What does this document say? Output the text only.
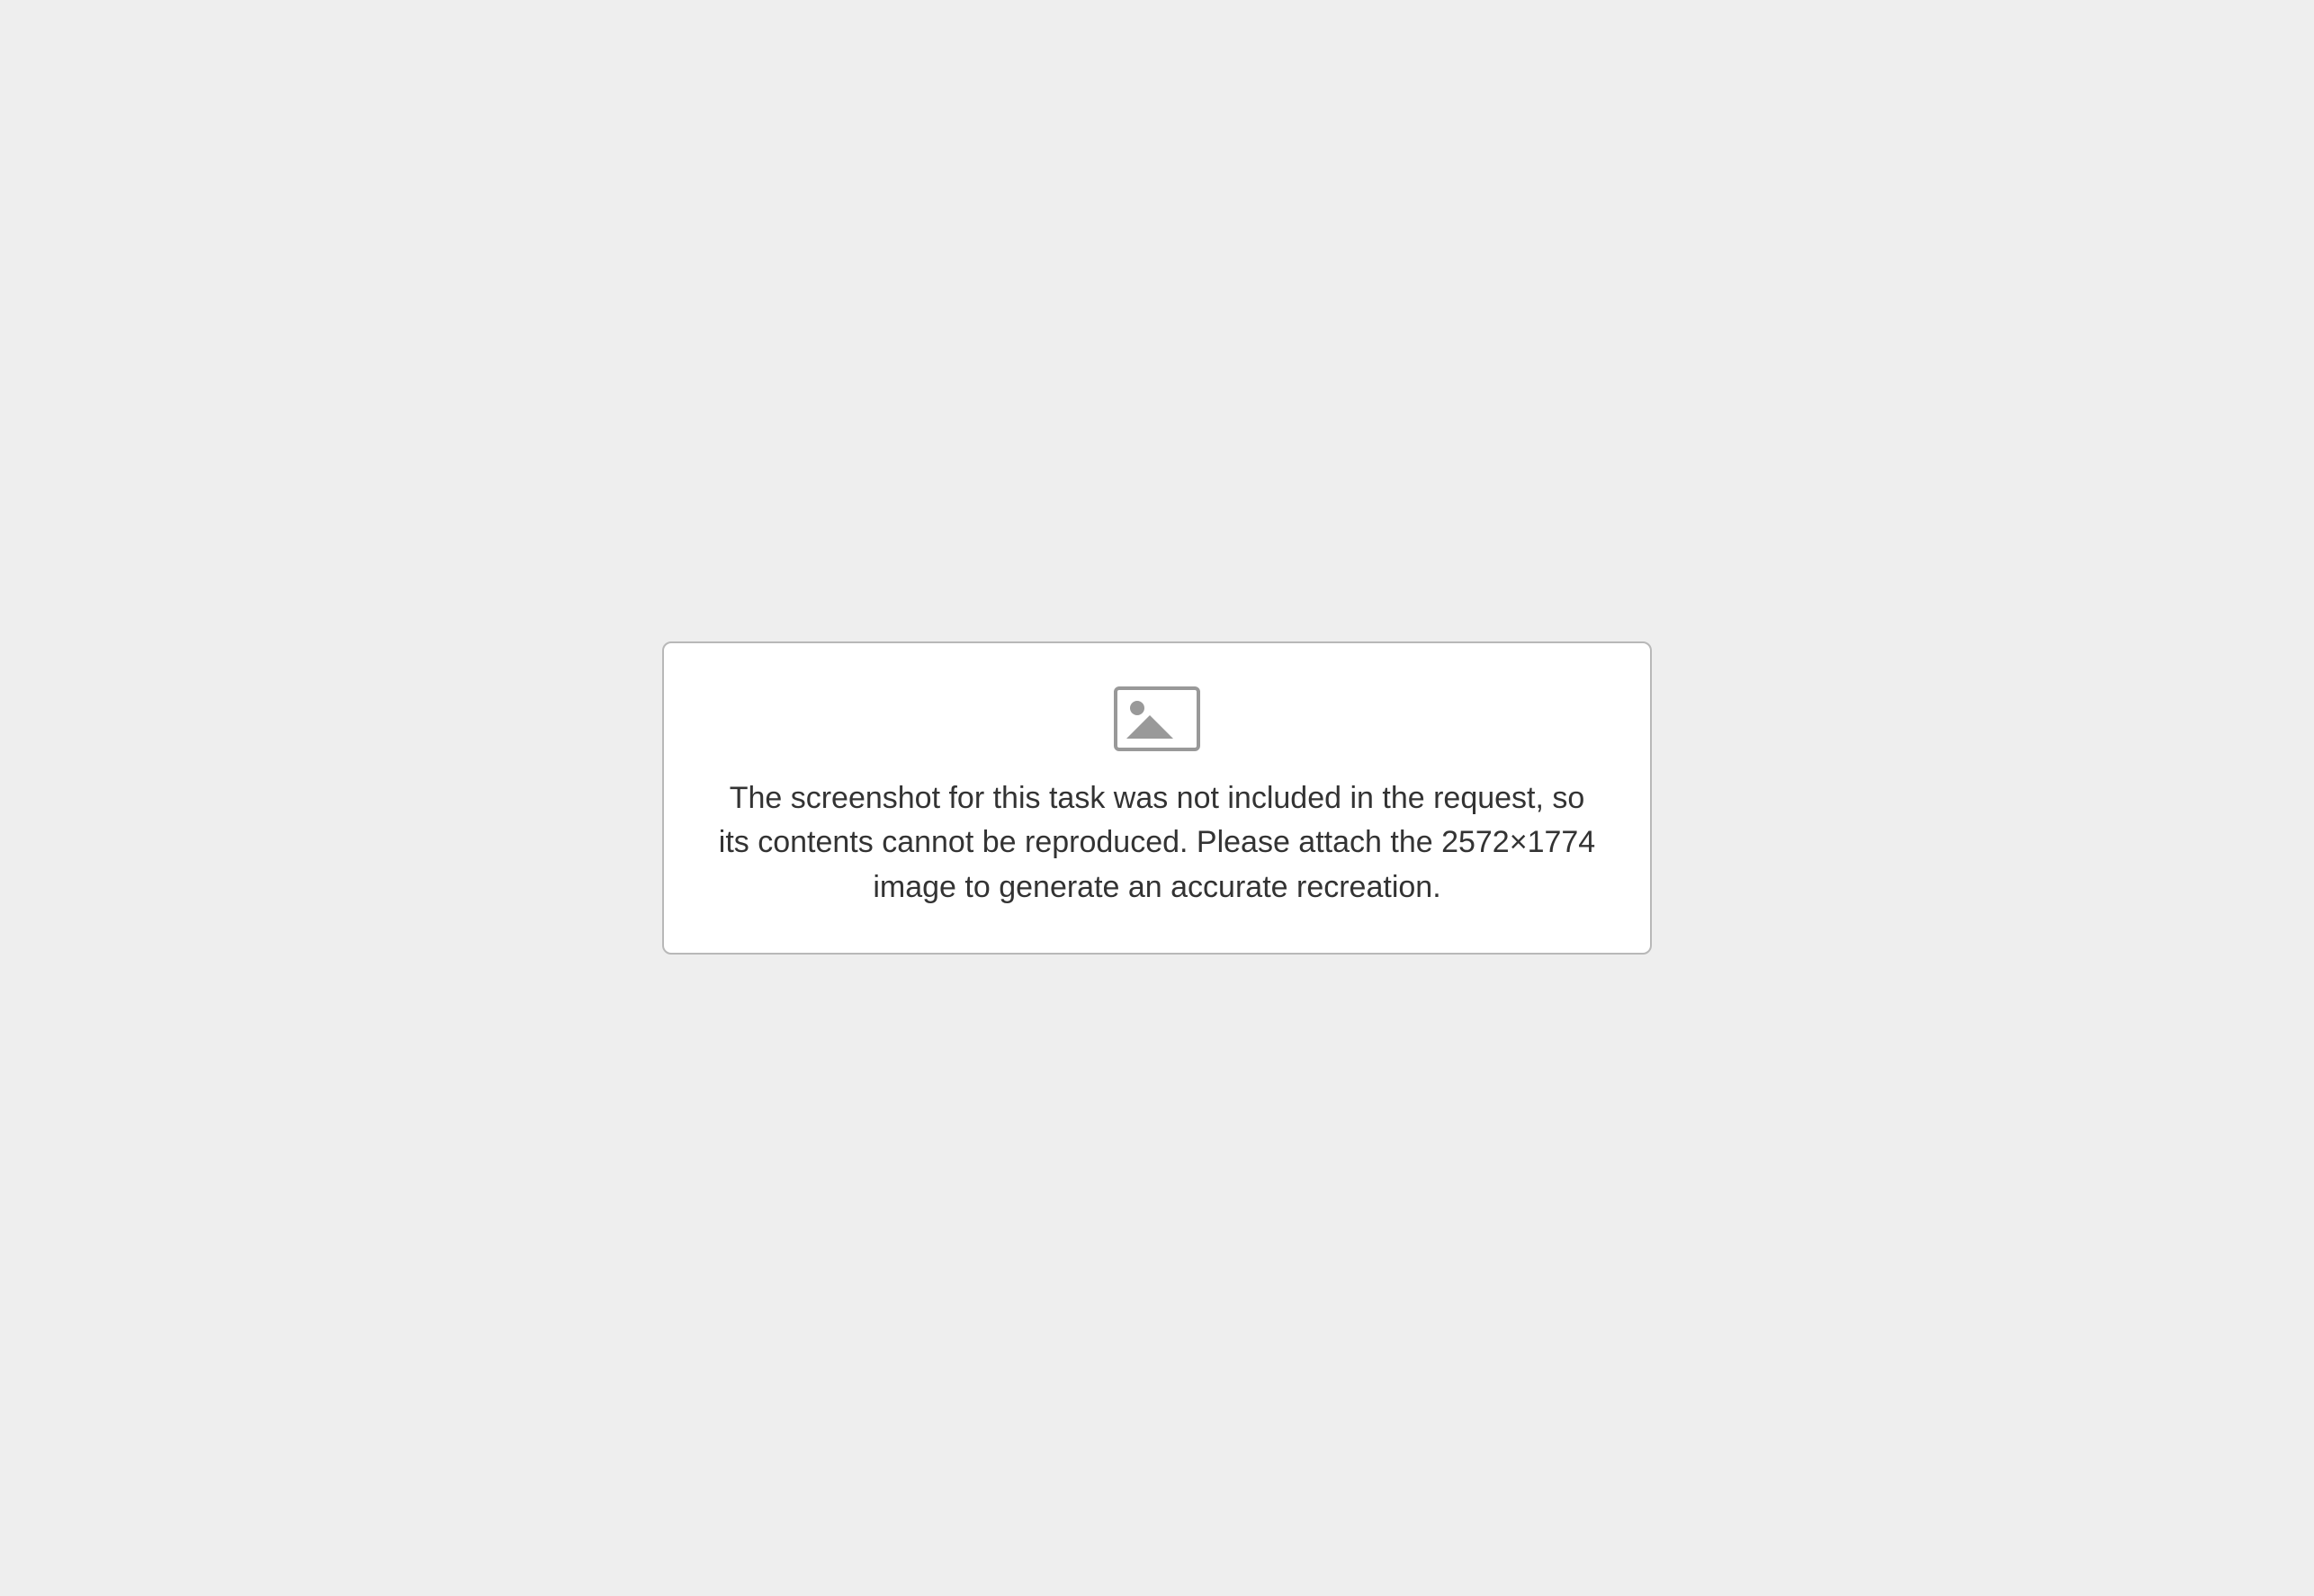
The screenshot for this task was not included in the request, so its contents cannot be reproduced. Please attach the 2572×1774 image to generate an accurate recreation.
